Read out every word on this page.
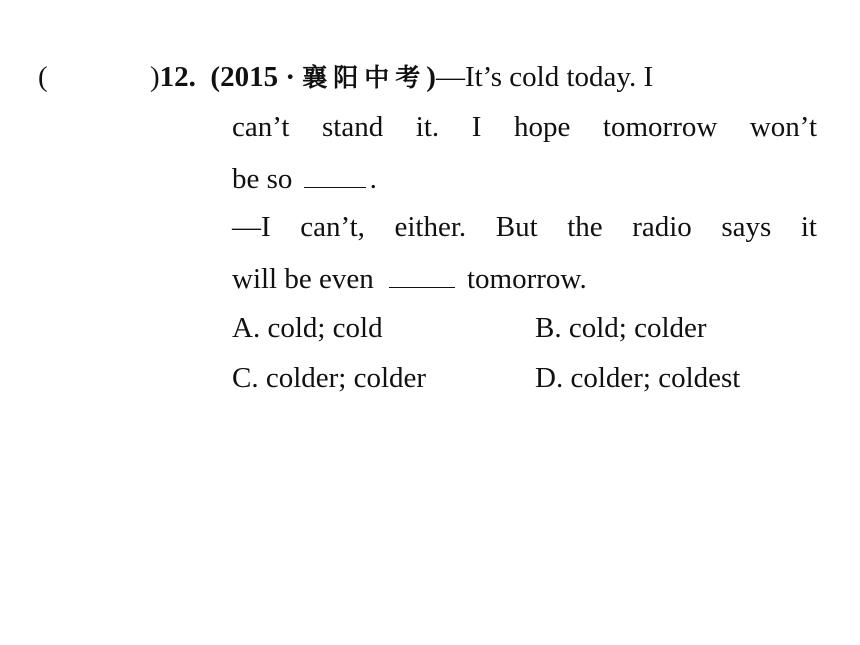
(	)12. (2015 · 襄阳中考)—It’s cold today. I
can’t stand it. I hope tomorrow won’t
be so	.
—I can’t, either. But the radio says it
will be even	tomorrow.
A. cold; cold	B. cold; colder
C. colder; colder	D. colder; coldest
